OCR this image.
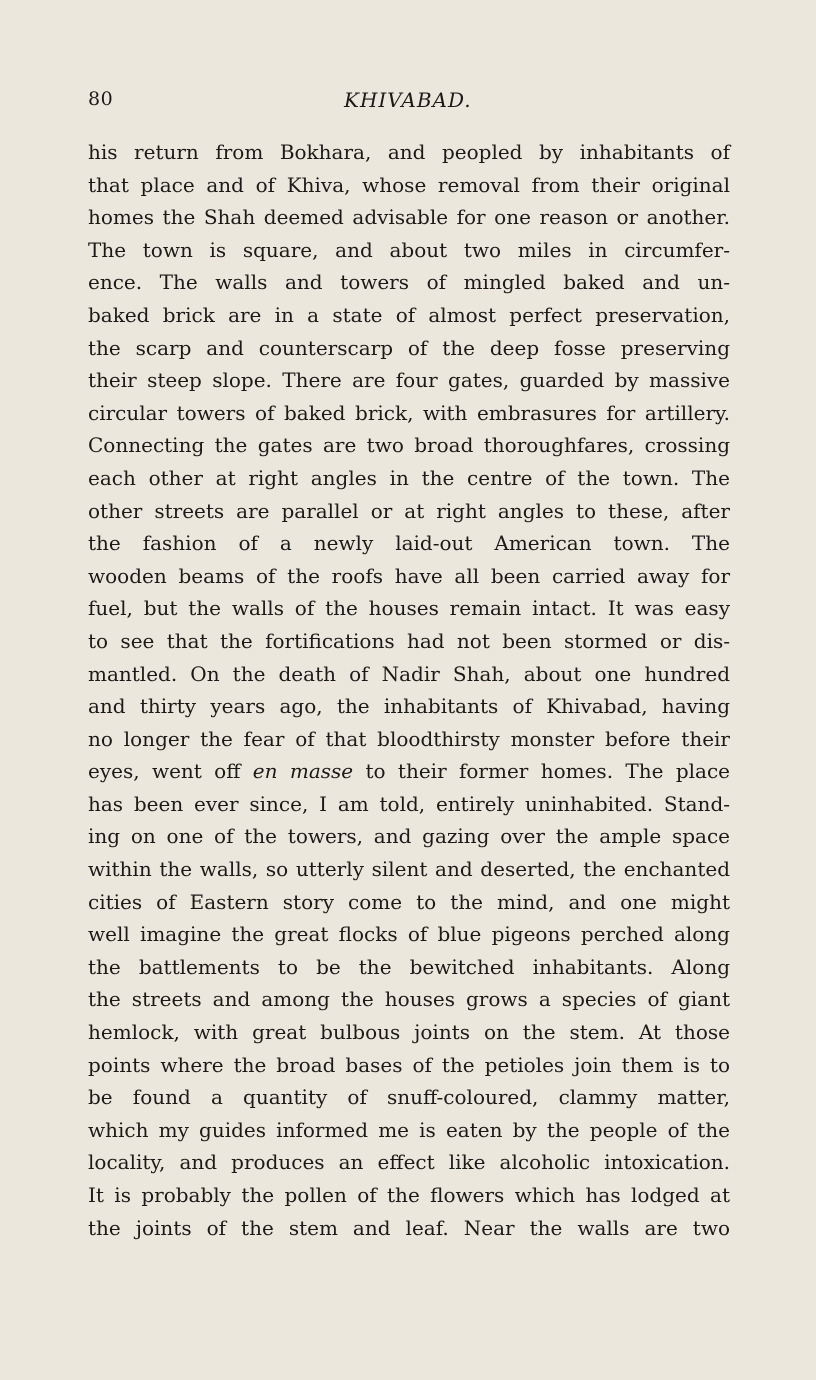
80	KHIVABAD.
his return from Bokhara, and peopled by inhabitants of
that place and of Khiva, whose removal from their original
homes the Shah deemed advisable for one reason or another.
The town is square, and about two miles in circumfer-
ence. The walls and towers of mingled baked and un-
baked brick are in a state of almost perfect preservation,
the scarp and counterscarp of the deep fosse preserving
their steep slope. There are four gates, guarded by massive
circular towers of baked brick, with embrasures for artillery.
Connecting the gates are two broad thoroughfares, crossing
each other at right angles in the centre of the town. The
other streets are parallel or at right angles to these, after
the fashion of a newly laid-out American town. The
wooden beams of the roofs have all been carried away for
fuel, but the walls of the houses remain intact. It was easy
to see that the fortifications had not been stormed or dis-
mantled. On the death of Nadir Shah, about one hundred
and thirty years ago, the inhabitants of Khivabad, having
no longer the fear of that bloodthirsty monster before their
eyes, went off en masse to their former homes. The place
has been ever since, I am told, entirely uninhabited. Stand-
ing on one of the towers, and gazing over the ample space
within the walls, so utterly silent and deserted, the enchanted
cities of Eastern story come to the mind, and one might
well imagine the great flocks of blue pigeons perched along
the battlements to be the bewitched inhabitants. Along
the streets and among the houses grows a species of giant
hemlock, with great bulbous joints on the stem. At those
points where the broad bases of the petioles join them is to
be found a quantity of snuff-coloured, clammy matter,
which my guides informed me is eaten by the people of the
locality, and produces an effect like alcoholic intoxication.
It is probably the pollen of the flowers which has lodged at
the joints of the stem and leaf. Near the walls are two
